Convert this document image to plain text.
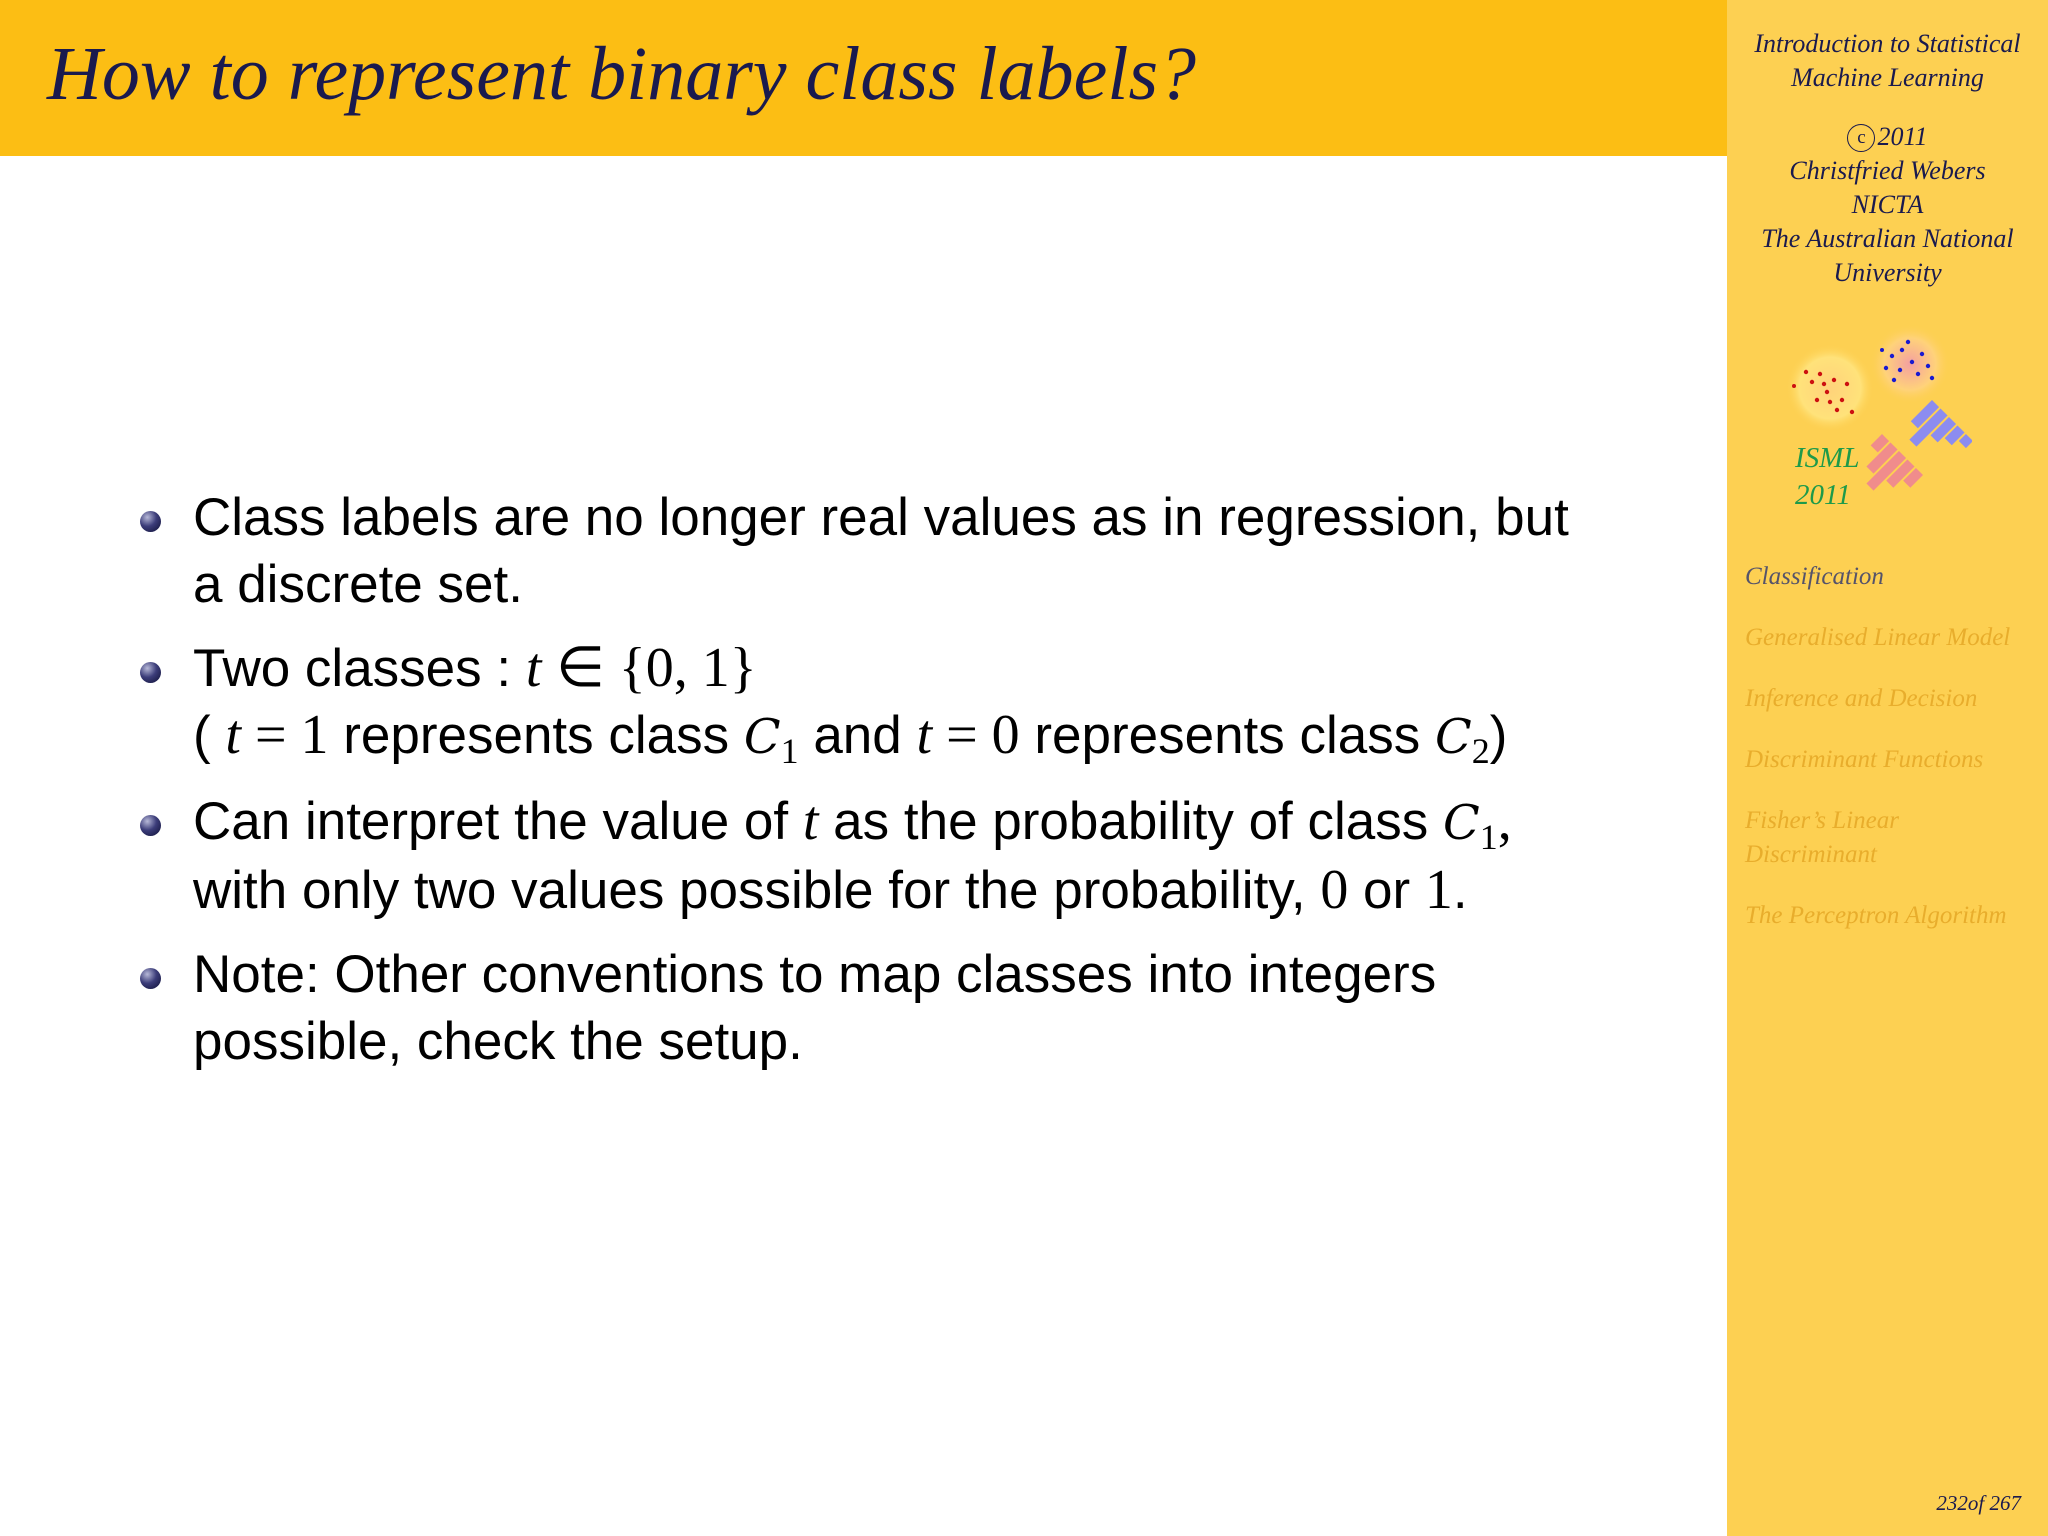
How to represent binary class labels?
Class labels are no longer real values as in regression, but
a discrete set.
Two classes : t ∈ {0, 1}
( t = 1 represents class $C_1$ and t = 0 represents class $C_2$)
Can interpret the value of t as the probability of class $C_1$,
with only two values possible for the probability, 0 or 1.
Note: Other conventions to map classes into integers
possible, check the setup.
Introduction to Statistical
Machine Learning
c 2011
Christfried Webers
NICTA
The Australian National
University
ISML
2011
Classification
Generalised Linear Model
Inference and Decision
Discriminant Functions
Fisher’s Linear Discriminant
The Perceptron Algorithm
232of 267
